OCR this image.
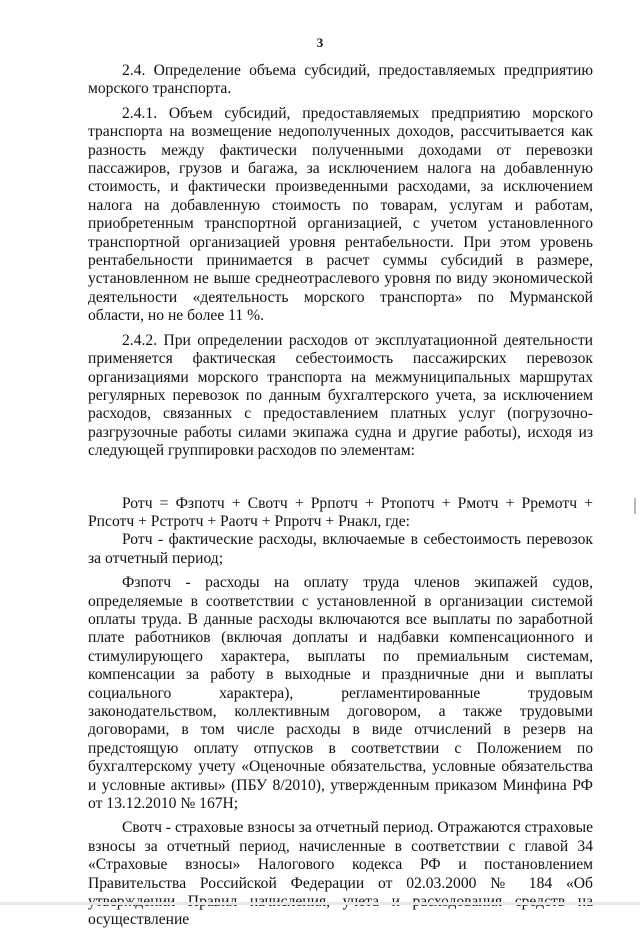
3

2.4. Определение объема субсидий, предоставляемых предприятию морского транспорта.

2.4.1. Объем субсидий, предоставляемых предприятию морского транспорта на возмещение недополученных доходов, рассчитывается как разность между фактически полученными доходами от перевозки пассажиров, грузов и багажа, за исключением налога на добавленную стоимость, и фактически произведенными расходами, за исключением налога на добавленную стоимость по товарам, услугам и работам, приобретенным транспортной организацией, с учетом установленного транспортной организацией уровня рентабельности. При этом уровень рентабельности принимается в расчет суммы субсидий в размере, установленном не выше среднеотраслевого уровня по виду экономической деятельности «деятельность морского транспорта» по Мурманской области, но не более 11 %.

2.4.2. При определении расходов от эксплуатационной деятельности применяется фактическая себестоимость пассажирских перевозок организациями морского транспорта на межмуниципальных маршрутах регулярных перевозок по данным бухгалтерского учета, за исключением расходов, связанных с предоставлением платных услуг (погрузочно-разгрузочные работы силами экипажа судна и другие работы), исходя из следующей группировки расходов по элементам:

Ротч = Фзпотч + Свотч + Ррпотч + Ртопотч + Рмотч + Рремотч + Рпсотч + Рстротч + Раотч + Рпротч + Рнакл, где:

Ротч - фактические расходы, включаемые в себестоимость перевозок за отчетный период;

Фзпотч - расходы на оплату труда членов экипажей судов, определяемые в соответствии с установленной в организации системой оплаты труда. В данные расходы включаются все выплаты по заработной плате работников (включая доплаты и надбавки компенсационного и стимулирующего характера, выплаты по премиальным системам, компенсации за работу в выходные и праздничные дни и выплаты социального характера), регламентированные трудовым законодательством, коллективным договором, а также трудовыми договорами, в том числе расходы в виде отчислений в резерв на предстоящую оплату отпусков в соответствии с Положением по бухгалтерскому учету «Оценочные обязательства, условные обязательства и условные активы» (ПБУ 8/2010), утвержденным приказом Минфина РФ от 13.12.2010 № 167Н;

Свотч - страховые взносы за отчетный период. Отражаются страховые взносы за отчетный период, начисленные в соответствии с главой 34 «Страховые взносы» Налогового кодекса РФ и постановлением Правительства Российской Федерации от 02.03.2000 № 184 «Об осуществление
